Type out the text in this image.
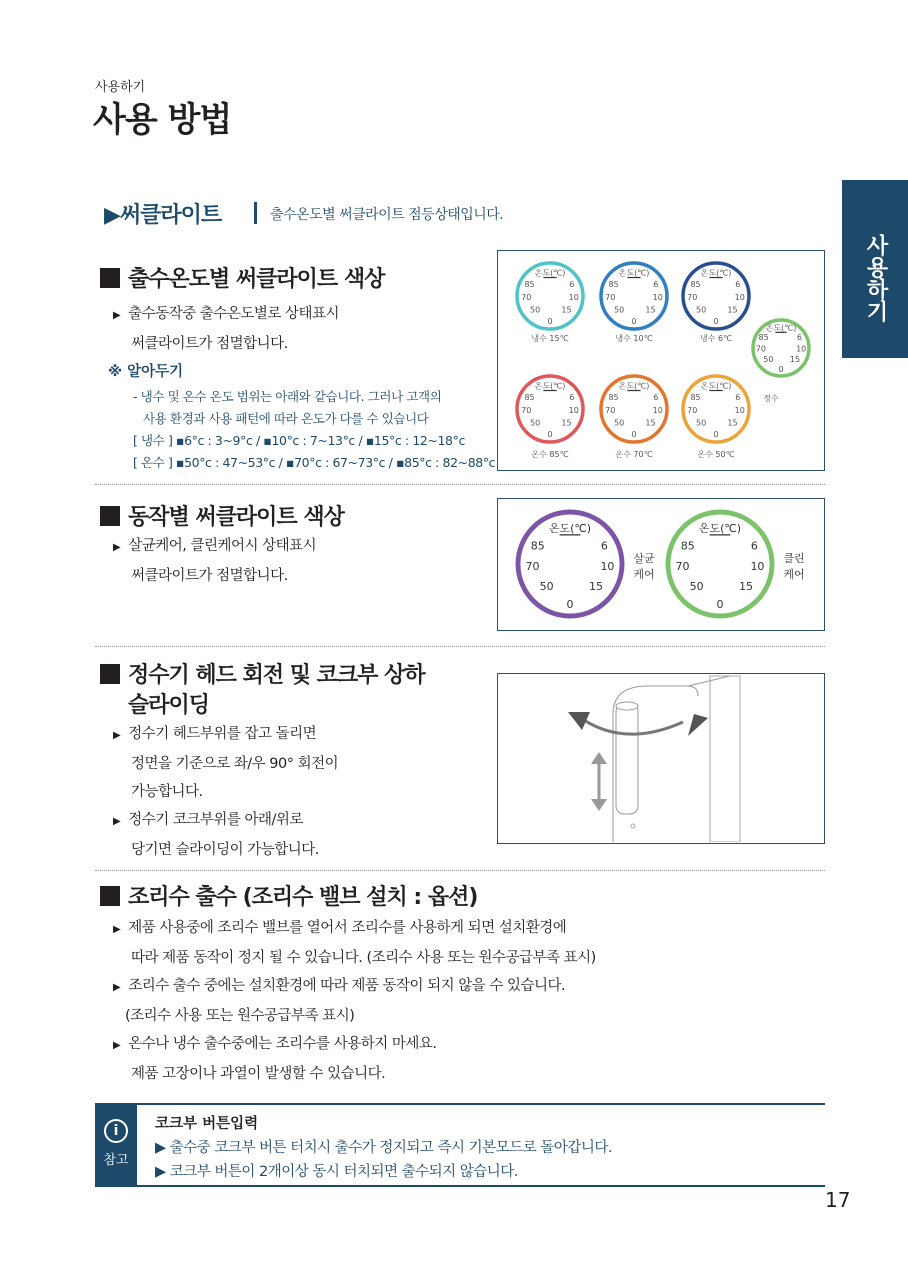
사용하기
사용 방법
사용하기
▶써클라이트	출수온도별 써클라이트 점등상태입니다.
출수온도별 써클라이트 색상
▶ 출수동작중 출수온도별로 상태표시
써클라이트가 점멸합니다.
※ 알아두기
- 냉수 및 온수 온도 범위는 아래와 같습니다. 그러나 고객의
사용 환경과 사용 패턴에 따라 온도가 다를 수 있습니다
[ 냉수 ] ▪6°c : 3~9°c / ▪10°c : 7~13°c / ▪15°c : 12~18°c
[ 온수 ] ▪50°c : 47~53°c / ▪70°c : 67~73°c / ▪85°c : 82~88°c
온도(℃)
85	6
70	10
50	15
0
냉수 15℃
온도(℃)
85	6
70	10
50	15
0
냉수 10℃
온도(℃)
85	6
70	10
50	15
0
냉수 6℃
온도(℃)
85	6
70	10
50 15
0
정수
온도(℃)
85	6
70	10
50	15
0
온수 85℃
온도(℃)
85	6
70	10
50	15
0
온수 70℃
온도(℃)
85	6
70	10
50	15
0
온수 50℃
동작별 써클라이트 색상
▶ 살균케어, 클린케어시 상태표시
써클라이트가 점멸합니다.
온도(℃)
85	6
70	10
50	15
0
살균
케어
온도(℃)
85	6
70	10
50	15
0
클린
케어
정수기 헤드 회전 및 코크부 상하
슬라이딩
▶ 정수기 헤드부위를 잡고 돌리면
정면을 기준으로 좌/우 90° 회전이
가능합니다.
▶ 정수기 코크부위를 아래/위로
당기면 슬라이딩이 가능합니다.
조리수 출수 (조리수 밸브 설치 : 옵션)
▶ 제품 사용중에 조리수 밸브를 열어서 조리수를 사용하게 되면 설치환경에
따라 제품 동작이 정지 될 수 있습니다. (조리수 사용 또는 원수공급부족 표시)
▶ 조리수 출수 중에는 설치환경에 따라 제품 동작이 되지 않을 수 있습니다.
(조리수 사용 또는 원수공급부족 표시)
▶ 온수나 냉수 출수중에는 조리수를 사용하지 마세요.
제품 고장이나 과열이 발생할 수 있습니다.
i
참고
코크부 버튼입력
▶ 출수중 코크부 버튼 터치시 출수가 정지되고 즉시 기본모드로 돌아갑니다.
▶ 코크부 버튼이 2개이상 동시 터치되면 출수되지 않습니다.
17
